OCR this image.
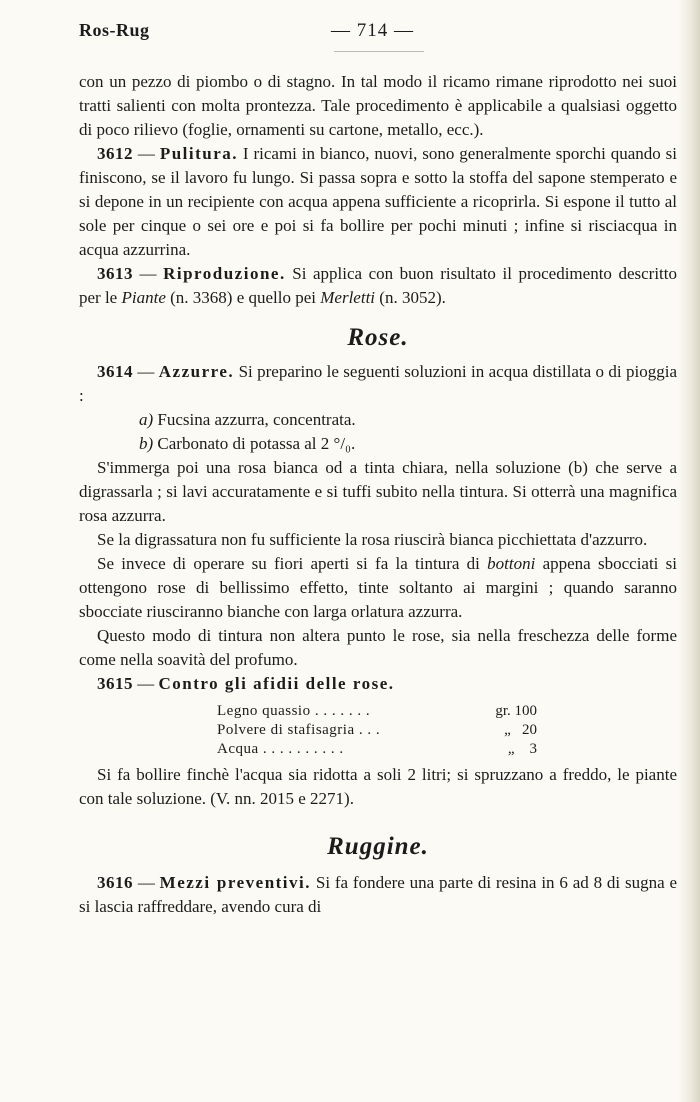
Ros-Rug	— 714 —

con un pezzo di piombo o di stagno. In tal modo il ricamo rimane riprodotto nei suoi tratti salienti con molta prontezza. Tale procedimento è applicabile a qualsiasi oggetto di poco rilievo (foglie, ornamenti su cartone, metallo, ecc.).

3612 — Pulitura. I ricami in bianco, nuovi, sono generalmente sporchi quando si finiscono, se il lavoro fu lungo. Si passa sopra e sotto la stoffa del sapone stemperato e si depone in un recipiente con acqua appena sufficiente a ricoprirla. Si espone il tutto al sole per cinque o sei ore e poi si fa bollire per pochi minuti ; infine si risciacqua in acqua azzurrina.

3613 — Riproduzione. Si applica con buon risultato il procedimento descritto per le Piante (n. 3368) e quello pei Merletti (n. 3052).

Rose.

3614 — Azzurre. Si preparino le seguenti soluzioni in acqua distillata o di pioggia :

a) Fucsina azzurra, concentrata.

b) Carbonato di potassa al 2 °/₀.

S'immerga poi una rosa bianca od a tinta chiara, nella soluzione (b) che serve a digrassarla ; si lavi accuratamente e si tuffi subito nella tintura. Si otterrà una magnifica rosa azzurra.

Se la digrassatura non fu sufficiente la rosa riuscirà bianca picchiettata d'azzurro.

Se invece di operare su fiori aperti si fa la tintura di bottoni appena sbocciati si ottengono rose di bellissimo effetto, tinte soltanto ai margini ; quando saranno sbocciate riusciranno bianche con larga orlatura azzurra.

Questo modo di tintura non altera punto le rose, sia nella freschezza delle forme come nella soavità del profumo.

3615 — Contro gli afidii delle rose.

Legno quassio . . . . . . .	gr. 100
Polvere di stafisagria . . .	„   20
Acqua . . . . . . . . . .	„    3

Si fa bollire finchè l'acqua sia ridotta a soli 2 litri; si spruzzano a freddo, le piante con tale soluzione. (V. nn. 2015 e 2271).

Ruggine.

3616 — Mezzi preventivi. Si fa fondere una parte di resina in 6 ad 8 di sugna e si lascia raffreddare, avendo cura di
